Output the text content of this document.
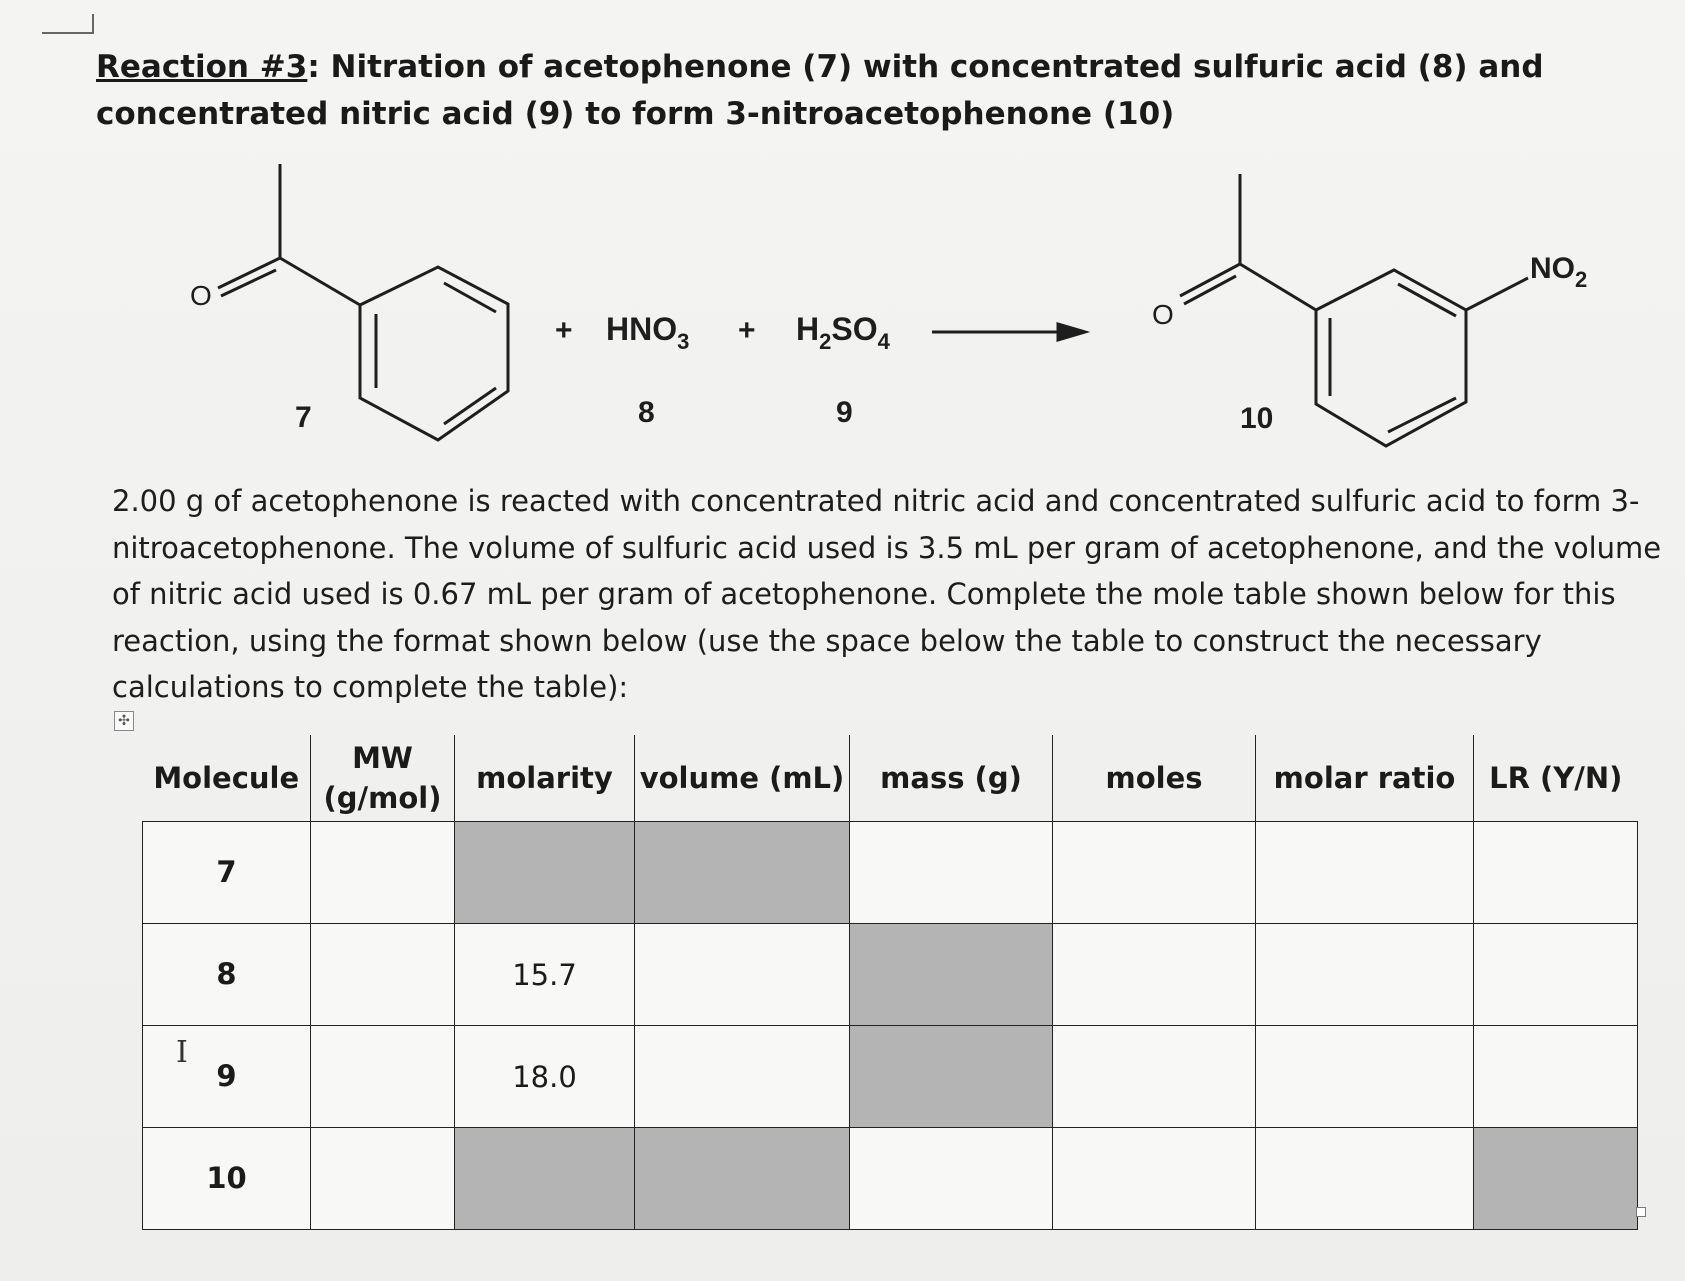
Reaction #3: Nitration of acetophenone (7) with concentrated sulfuric acid (8) and concentrated nitric acid (9) to form 3-nitroacetophenone (10)
O
7
+ $HNO_3$
8
+ $H_2SO_4$
9
O
$NO_2$
10
2.00 g of acetophenone is reacted with concentrated nitric acid and concentrated sulfuric acid to form 3-nitroacetophenone. The volume of sulfuric acid used is 3.5 mL per gram of acetophenone, and the volume of nitric acid used is 0.67 mL per gram of acetophenone. Complete the mole table shown below for this reaction, using the format shown below (use the space below the table to construct the necessary calculations to complete the table):
✣
Molecule	MW
(g/mol)	molarity	volume (mL)	mass (g)	moles	molar ratio	LR (Y/N)
7							
8		15.7					
9		18.0					
10							
I
